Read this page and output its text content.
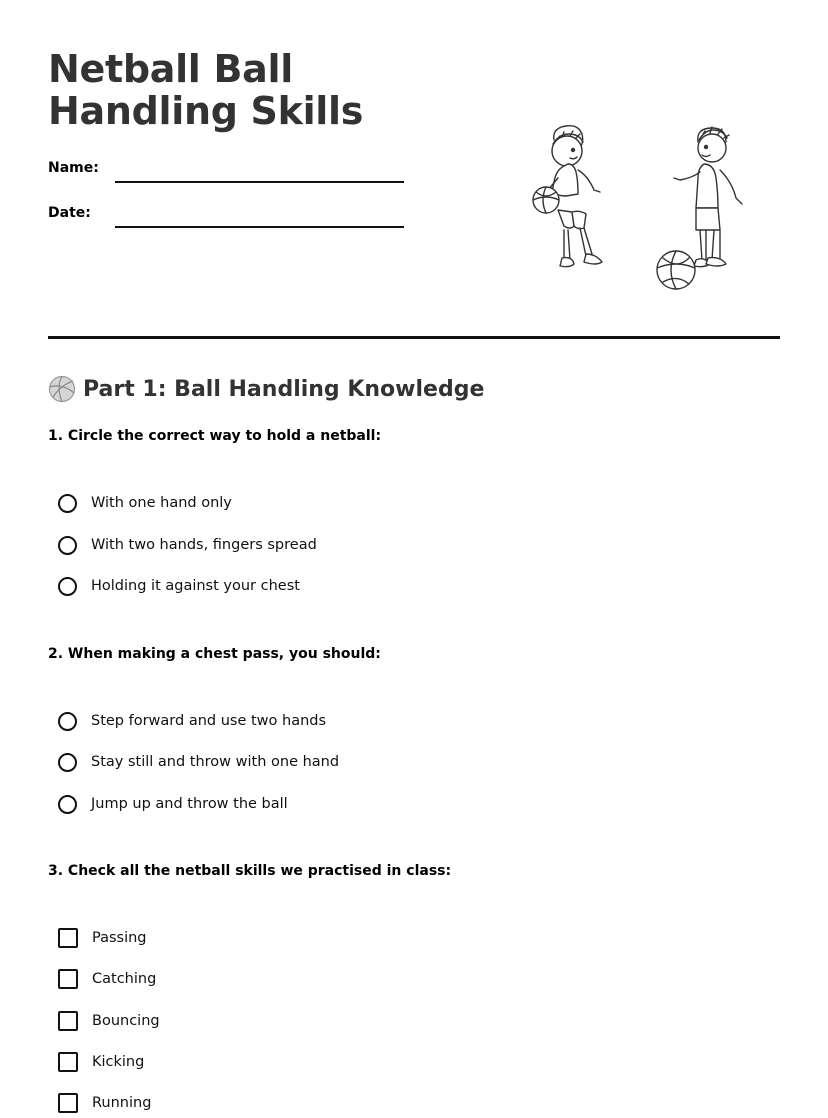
Netball Ball Handling Skills
Name:
Date:
Part 1: Ball Handling Knowledge
1. Circle the correct way to hold a netball:
With one hand only
With two hands, fingers spread
Holding it against your chest
2. When making a chest pass, you should:
Step forward and use two hands
Stay still and throw with one hand
Jump up and throw the ball
3. Check all the netball skills we practised in class:
Passing
Catching
Bouncing
Kicking
Running
